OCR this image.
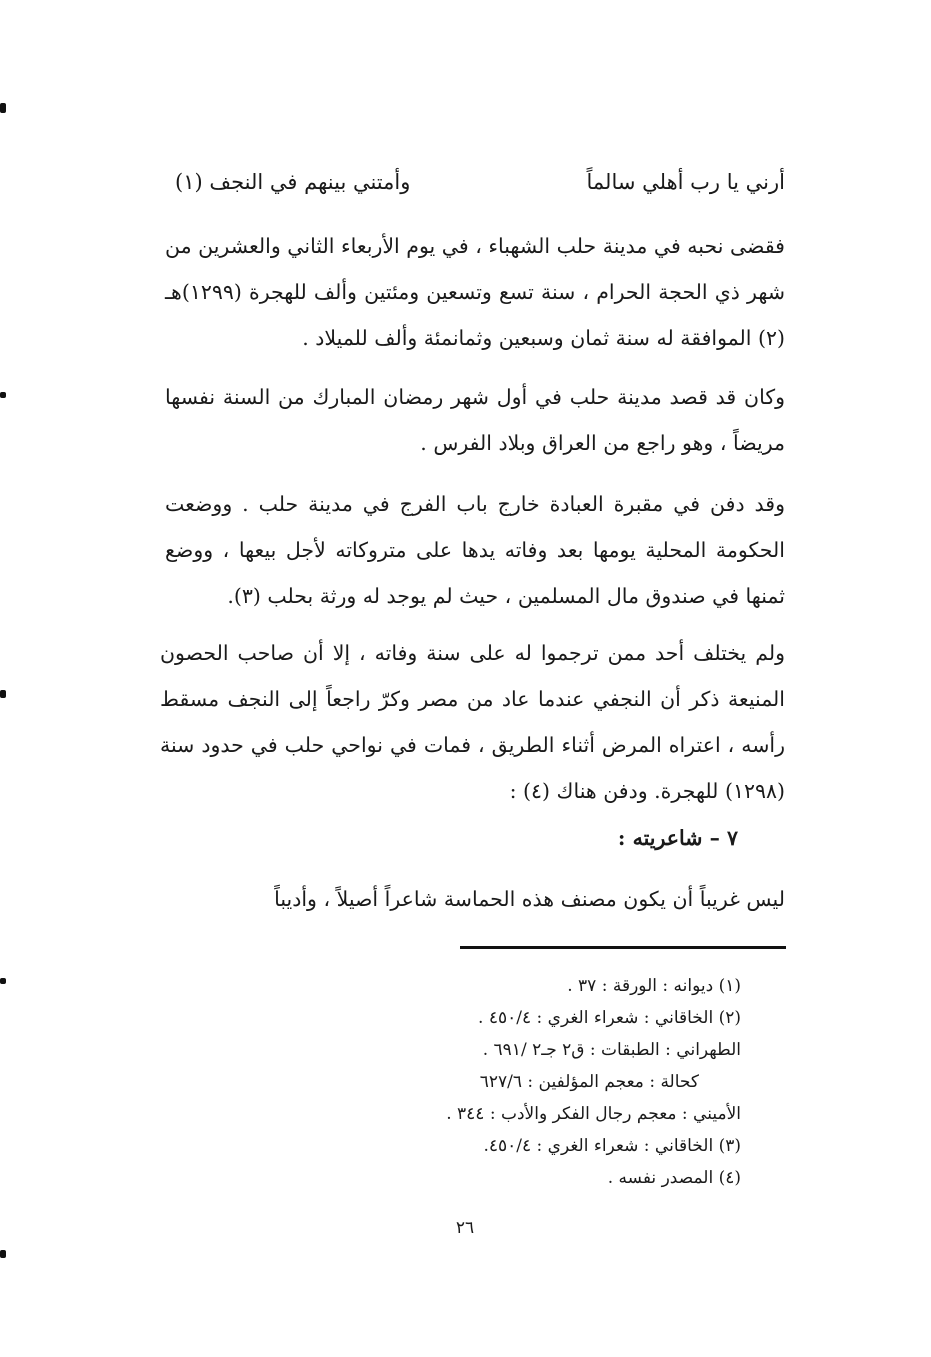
أرني يا رب أهلي سالماً
وأمتني بينهم في النجف (١)
فقضى نحبه في مدينة حلب الشهباء ، في يوم الأربعاء الثاني والعشرين من شهر ذي الحجة الحرام ، سنة تسع وتسعين ومئتين وألف للهجرة (١٢٩٩)هـ (٢) الموافقة له سنة ثمان وسبعين وثمانمئة وألف للميلاد .
وكان قد قصد مدينة حلب في أول شهر رمضان المبارك من السنة نفسها مريضاً ، وهو راجع من العراق وبلاد الفرس .
وقد دفن في مقبرة العبادة خارج باب الفرج في مدينة حلب . ووضعت الحكومة المحلية يومها بعد وفاته يدها على متروكاته لأجل بيعها ، ووضع ثمنها في صندوق مال المسلمين ، حيث لم يوجد له ورثة بحلب (٣).
ولم يختلف أحد ممن ترجموا له على سنة وفاته ، إلا أن صاحب الحصون المنيعة ذكر أن النجفي عندما عاد من مصر وكرّ راجعاً إلى النجف مسقط رأسه ، اعتراه المرض أثناء الطريق ، فمات في نواحي حلب في حدود سنة (١٢٩٨) للهجرة. ودفن هناك (٤) :
٧ – شاعريته :
ليس غريباً أن يكون مصنف هذه الحماسة شاعراً أصيلاً ، وأديباً
(١) ديوانه : الورقة : ٣٧ .
(٢) الخاقاني : شعراء الغري : ٤٥٠/٤ .
الطهراني : الطبقات : ق٢ جـ٢ /٦٩١ .
كحالة : معجم المؤلفين : ٦٢٧/٦
الأميني : معجم رجال الفكر والأدب : ٣٤٤ .
(٣) الخاقاني : شعراء الغري : ٤٥٠/٤.
(٤) المصدر نفسه .
٢٦
